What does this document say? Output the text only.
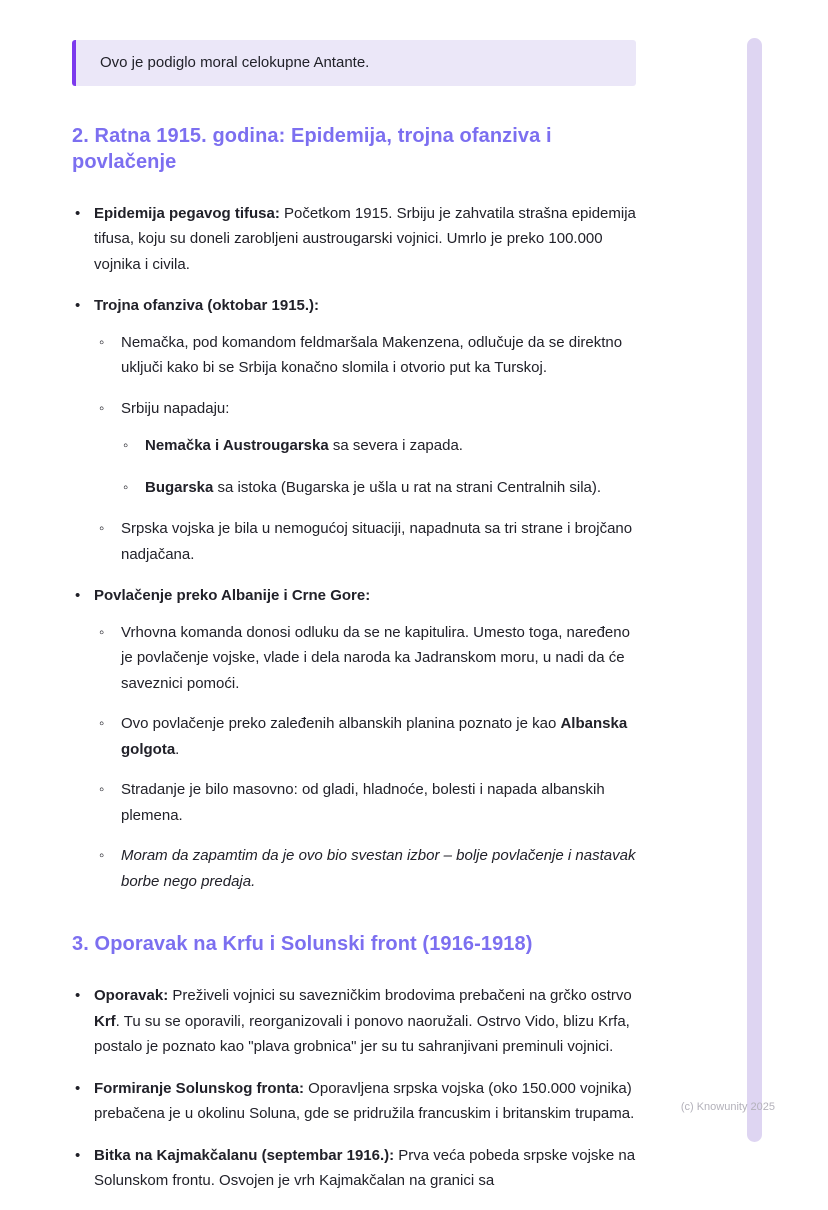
Ovo je podiglo moral celokupne Antante.
2. Ratna 1915. godina: Epidemija, trojna ofanziva i povlačenje
• Epidemija pegavog tifusa: Početkom 1915. Srbiju je zahvatila strašna epidemija tifusa, koju su doneli zarobljeni austrougarski vojnici. Umrlo je preko 100.000 vojnika i civila.
• Trojna ofanziva (oktobar 1915.):
◦ Nemačka, pod komandom feldmaršala Makenzena, odlučuje da se direktno uključi kako bi se Srbija konačno slomila i otvorio put ka Turskoj.
◦ Srbiju napadaju:
◦ Nemačka i Austrougarska sa severa i zapada.
◦ Bugarska sa istoka (Bugarska je ušla u rat na strani Centralnih sila).
◦ Srpska vojska je bila u nemogućoj situaciji, napadnuta sa tri strane i brojčano nadjačana.
• Povlačenje preko Albanije i Crne Gore:
◦ Vrhovna komanda donosi odluku da se ne kapitulira. Umesto toga, naređeno je povlačenje vojske, vlade i dela naroda ka Jadranskom moru, u nadi da će saveznici pomoći.
◦ Ovo povlačenje preko zaleđenih albanskih planina poznato je kao Albanska golgota.
◦ Stradanje je bilo masovno: od gladi, hladnoće, bolesti i napada albanskih plemena.
◦ Moram da zapamtim da je ovo bio svestan izbor – bolje povlačenje i nastavak borbe nego predaja.
3. Oporavak na Krfu i Solunski front (1916-1918)
• Oporavak: Preživeli vojnici su savezničkim brodovima prebačeni na grčko ostrvo Krf. Tu su se oporavili, reorganizovali i ponovo naoružali. Ostrvo Vido, blizu Krfa, postalo je poznato kao "plava grobnica" jer su tu sahranjivani preminuli vojnici.
• Formiranje Solunskog fronta: Oporavljena srpska vojska (oko 150.000 vojnika) prebačena je u okolinu Soluna, gde se pridružila francuskim i britanskim trupama.
• Bitka na Kajmakčalanu (septembar 1916.): Prva veća pobeda srpske vojske na Solunskom frontu. Osvojen je vrh Kajmakčalan na granici sa
(c) Knowunity 2025
